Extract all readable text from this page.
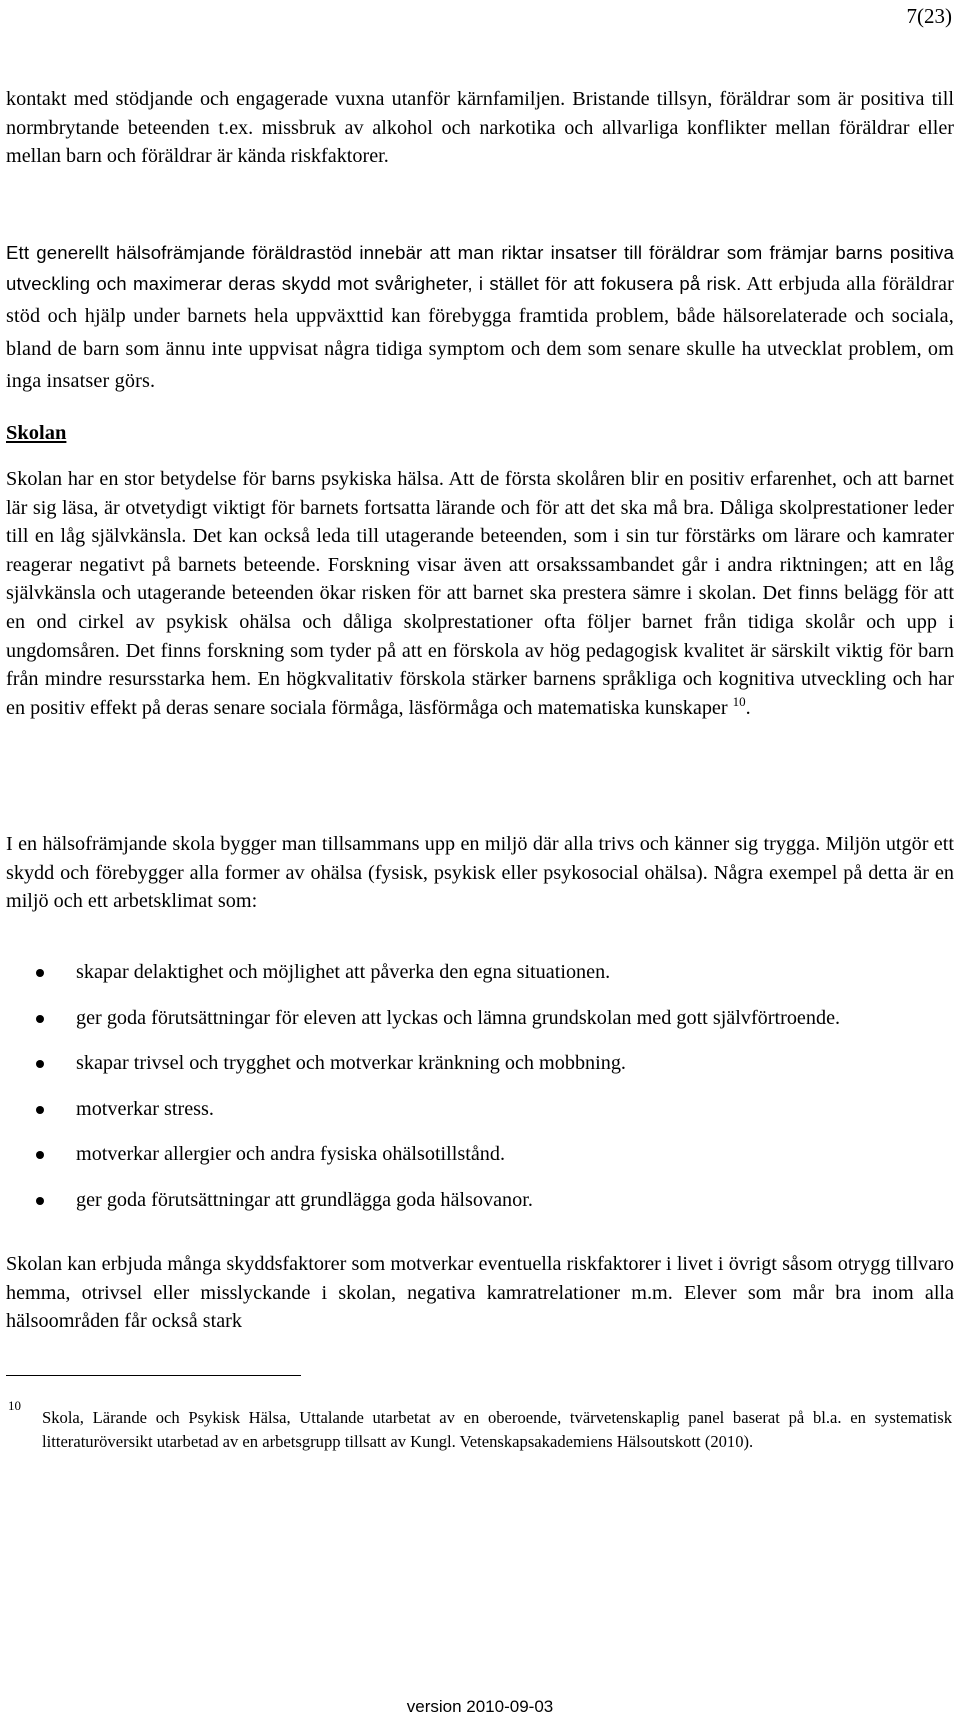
7(23)

kontakt med stödjande och engagerade vuxna utanför kärnfamiljen. Bristande tillsyn, föräldrar som är positiva till normbrytande beteenden t.ex. missbruk av alkohol och narkotika och allvarliga konflikter mellan föräldrar eller mellan barn och föräldrar är kända riskfaktorer.

Ett generellt hälsofrämjande föräldrastöd innebär att man riktar insatser till föräldrar som främjar barns positiva utveckling och maximerar deras skydd mot svårigheter, i stället för att fokusera på risk. Att erbjuda alla föräldrar stöd och hjälp under barnets hela uppväxttid kan förebygga framtida problem, både hälsorelaterade och sociala, bland de barn som ännu inte uppvisat några tidiga symptom och dem som senare skulle ha utvecklat problem, om inga insatser görs.

Skolan

Skolan har en stor betydelse för barns psykiska hälsa. Att de första skolåren blir en positiv erfarenhet, och att barnet lär sig läsa, är otvetydigt viktigt för barnets fortsatta lärande och för att det ska må bra. Dåliga skolprestationer leder till en låg självkänsla. Det kan också leda till utagerande beteenden, som i sin tur förstärks om lärare och kamrater reagerar negativt på barnets beteende. Forskning visar även att orsakssambandet går i andra riktningen; att en låg självkänsla och utagerande beteenden ökar risken för att barnet ska prestera sämre i skolan. Det finns belägg för att en ond cirkel av psykisk ohälsa och dåliga skolprestationer ofta följer barnet från tidiga skolår och upp i ungdomsåren. Det finns forskning som tyder på att en förskola av hög pedagogisk kvalitet är särskilt viktig för barn från mindre resursstarka hem. En högkvalitativ förskola stärker barnens språkliga och kognitiva utveckling och har en positiv effekt på deras senare sociala förmåga, läsförmåga och matematiska kunskaper $^{10}$.

I en hälsofrämjande skola bygger man tillsammans upp en miljö där alla trivs och känner sig trygga. Miljön utgör ett skydd och förebygger alla former av ohälsa (fysisk, psykisk eller psykosocial ohälsa). Några exempel på detta är en miljö och ett arbetsklimat som:

skapar delaktighet och möjlighet att påverka den egna situationen.
ger goda förutsättningar för eleven att lyckas och lämna grundskolan med gott självförtroende.
skapar trivsel och trygghet och motverkar kränkning och mobbning.
motverkar stress.
motverkar allergier och andra fysiska ohälsotillstånd.
ger goda förutsättningar att grundlägga goda hälsovanor.

Skolan kan erbjuda många skyddsfaktorer som motverkar eventuella riskfaktorer i livet i övrigt såsom otrygg tillvaro hemma, otrivsel eller misslyckande i skolan, negativa kamratrelationer m.m. Elever som mår bra inom alla hälsoområden får också stark

10

Skola, Lärande och Psykisk Hälsa, Uttalande utarbetat av en oberoende, tvärvetenskaplig panel baserat på bl.a. en systematisk litteraturöversikt utarbetad av en arbetsgrupp tillsatt av Kungl. Vetenskapsakademiens Hälsoutskott (2010).

version 2010-09-03
